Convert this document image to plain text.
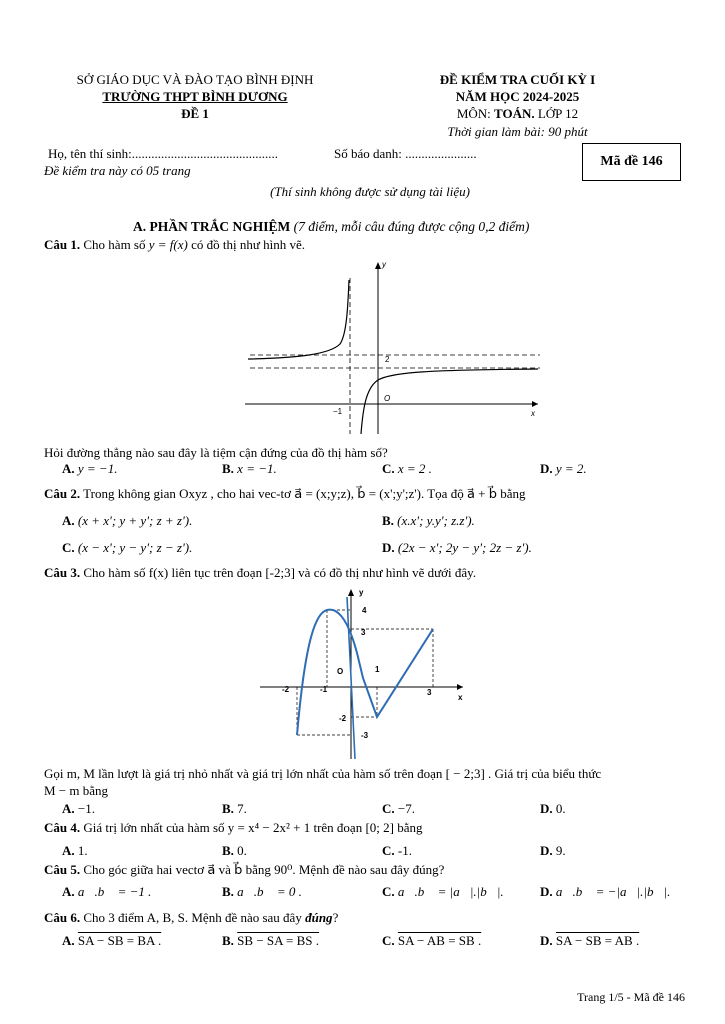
SỞ GIÁO DỤC VÀ ĐÀO TẠO BÌNH ĐỊNH
TRƯỜNG THPT BÌNH DƯƠNG
ĐỀ 1
ĐỀ KIỂM TRA CUỐI KỲ I
NĂM HỌC 2024-2025
MÔN: TOÁN. LỚP 12
Thời gian làm bài: 90 phút
Mã đề 146
Họ, tên thí sinh:.............................................	Số báo danh: ......................
Đề kiểm tra này có 05 trang
(Thí sinh không được sử dụng tài liệu)
A. PHẦN TRẮC NGHIỆM (7 điểm, mỗi câu đúng được cộng 0,2 điểm)
Câu 1. Cho hàm số y = f(x) có đồ thị như hình vẽ.
y
x
O
2
−1
Hỏi đường thẳng nào sau đây là tiệm cận đứng của đồ thị hàm số?
A. y = −1.	B. x = −1.	C. x = 2 .	D. y = 2.
Câu 2. Trong không gian Oxyz , cho hai vec-tơ a⃗ = (x;y;z), b⃗ = (x';y';z'). Tọa độ a⃗ + b⃗ bằng
A. (x + x'; y + y'; z + z').	B. (x.x'; y.y'; z.z').
C. (x − x'; y − y'; z − z').	D. (2x − x'; 2y − y'; 2z − z').
Câu 3. Cho hàm số f(x) liên tục trên đoạn [-2;3] và có đồ thị như hình vẽ dưới đây.
y
x
O
4
3
1
-2	-1	3
-2
-3
Gọi m, M lần lượt là giá trị nhỏ nhất và giá trị lớn nhất của hàm số trên đoạn [ − 2;3] . Giá trị của biểu thức
M − m bằng
A. −1.	B. 7.	C. −7.	D. 0.
Câu 4. Giá trị lớn nhất của hàm số y = x⁴ − 2x² + 1 trên đoạn [0; 2] bằng
A. 1.	B. 0.	C. -1.	D. 9.
Câu 5. Cho góc giữa hai vectơ a⃗ và b⃗ bằng 90⁰. Mệnh đề nào sau đây đúng?
A. a⃗.b⃗ = −1 .	B. a⃗.b⃗ = 0 .	C. a⃗.b⃗ = |a⃗|.|b⃗|.	D. a⃗.b⃗ = −|a⃗|.|b⃗|.
Câu 6. Cho 3 điểm A, B, S. Mệnh đề nào sau đây đúng?
A. SA − SB = BA .	B. SB − SA = BS .	C. SA − AB = SB .	D. SA − SB = AB .
Trang 1/5 - Mã đề 146
